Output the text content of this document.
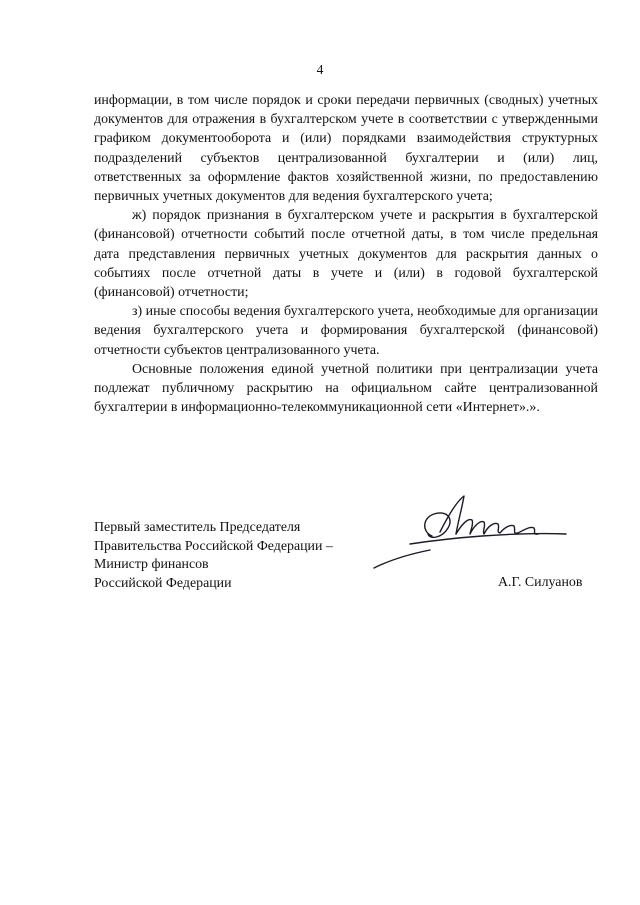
4

информации, в том числе порядок и сроки передачи первичных (сводных) учетных документов для отражения в бухгалтерском учете в соответствии с утвержденными графиком документооборота и (или) порядками взаимодействия структурных подразделений субъектов централизованной бухгалтерии и (или) лиц, ответственных за оформление фактов хозяйственной жизни, по предоставлению первичных учетных документов для ведения бухгалтерского учета;

ж) порядок признания в бухгалтерском учете и раскрытия в бухгалтерской (финансовой) отчетности событий после отчетной даты, в том числе предельная дата представления первичных учетных документов для раскрытия данных о событиях после отчетной даты в учете и (или) в годовой бухгалтерской (финансовой) отчетности;

з) иные способы ведения бухгалтерского учета, необходимые для организации ведения бухгалтерского учета и формирования бухгалтерской (финансовой) отчетности субъектов централизованного учета.

Основные положения единой учетной политики при централизации учета подлежат публичному раскрытию на официальном сайте централизованной бухгалтерии в информационно-телекоммуникационной сети «Интернет».».

Первый заместитель Председателя
Правительства Российской Федерации –
Министр финансов
Российской Федерации	А.Г. Силуанов
